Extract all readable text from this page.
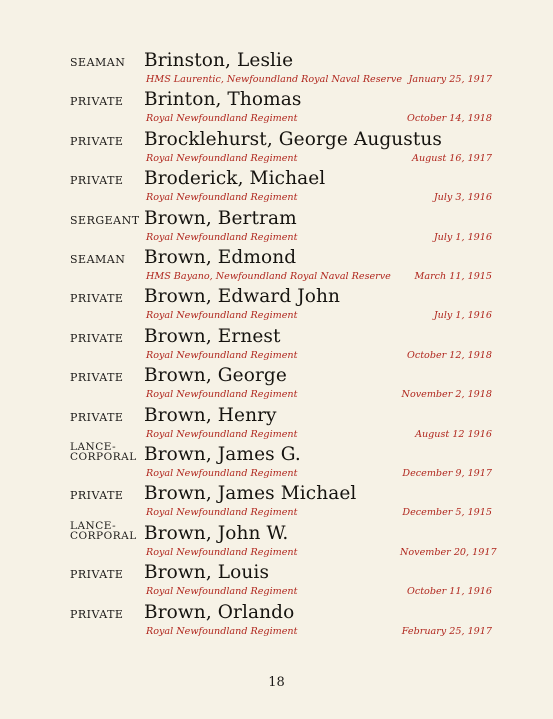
SEAMAN	Brinston, Leslie
HMS Laurentic, Newfoundland Royal Naval Reserve January 25, 1917
PRIVATE	Brinton, Thomas
Royal Newfoundland Regiment	October 14, 1918
PRIVATE	Brocklehurst, George Augustus
Royal Newfoundland Regiment	August 16, 1917
PRIVATE	Broderick, Michael
Royal Newfoundland Regiment	July 3, 1916
SERGEANT Brown, Bertram
Royal Newfoundland Regiment	July 1, 1916
SEAMAN	Brown, Edmond
HMS Bayano, Newfoundland Royal Naval Reserve	March 11, 1915
PRIVATE	Brown, Edward John
Royal Newfoundland Regiment	July 1, 1916
PRIVATE	Brown, Ernest
Royal Newfoundland Regiment	October 12, 1918
PRIVATE	Brown, George
Royal Newfoundland Regiment	November 2, 1918
PRIVATE	Brown, Henry
Royal Newfoundland Regiment	August 12 1916
LANCE-
CORPORAL Brown, James G.
Royal Newfoundland Regiment	December 9, 1917
PRIVATE	Brown, James Michael
Royal Newfoundland Regiment	December 5, 1915
LANCE-
CORPORAL Brown, John W.
Royal Newfoundland Regiment	November 20, 1917
PRIVATE	Brown, Louis
Royal Newfoundland Regiment	October 11, 1916
PRIVATE	Brown, Orlando
Royal Newfoundland Regiment	February 25, 1917
18
